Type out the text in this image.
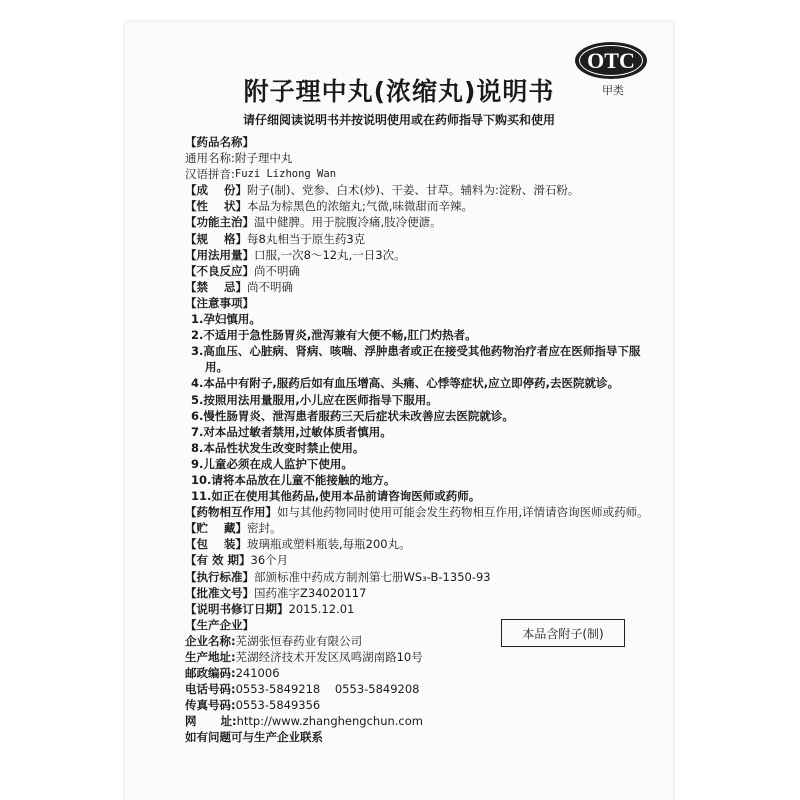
OTC
甲类
附子理中丸(浓缩丸)说明书
请仔细阅读说明书并按说明使用或在药师指导下购买和使用
【药品名称】
通用名称: 附子理中丸
汉语拼音: Fuzi Lizhong Wan
【成    份】 附子(制)、党参、白术(炒)、干姜、甘草。辅料为:淀粉、滑石粉。
【性    状】 本品为棕黑色的浓缩丸;气微,味微甜而辛辣。
【功能主治】 温中健脾。用于脘腹冷痛,肢冷便溏。
【规    格】 每8丸相当于原生药3克
【用法用量】 口服,一次8～12丸,一日3次。
【不良反应】 尚不明确
【禁    忌】 尚不明确
【注意事项】
1.孕妇慎用。
2.不适用于急性肠胃炎,泄泻兼有大便不畅,肛门灼热者。
3.高血压、心脏病、肾病、咳喘、浮肿患者或正在接受其他药物治疗者应在医师指导下服用。
4.本品中有附子,服药后如有血压增高、头痛、心悸等症状,应立即停药,去医院就诊。
5.按照用法用量服用,小儿应在医师指导下服用。
6.慢性肠胃炎、泄泻患者服药三天后症状未改善应去医院就诊。
7.对本品过敏者禁用,过敏体质者慎用。
8.本品性状发生改变时禁止使用。
9.儿童必须在成人监护下使用。
10.请将本品放在儿童不能接触的地方。
11.如正在使用其他药品,使用本品前请咨询医师或药师。
【药物相互作用】 如与其他药物同时使用可能会发生药物相互作用,详情请咨询医师或药师。
【贮    藏】 密封。
【包    装】 玻璃瓶或塑料瓶装,每瓶200丸。
【有 效 期】 36个月
【执行标准】 部颁标准中药成方制剂第七册WS₃-B-1350-93
【批准文号】 国药准字Z34020117
【说明书修订日期】 2015.12.01
【生产企业】
企业名称: 芜湖张恒春药业有限公司
生产地址: 芜湖经济技术开发区凤鸣湖南路10号
邮政编码: 241006
电话号码: 0553-5849218    0553-5849208
传真号码: 0553-5849356
网      址: http://www.zhanghengchun.com
如有问题可与生产企业联系
本品含附子(制)
